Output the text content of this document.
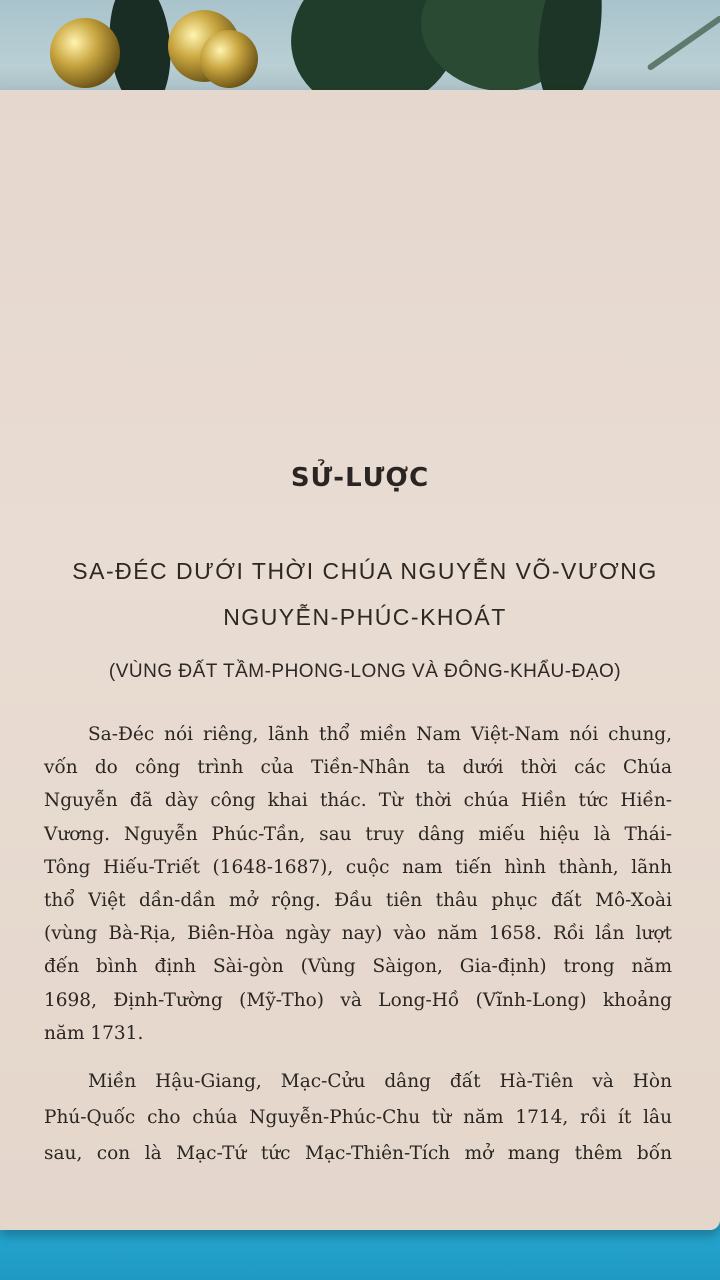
SỬ-LƯỢC
SA-ĐÉC DƯỚI THỜI CHÚA NGUYỄN VÕ-VƯƠNG
NGUYỄN-PHÚC-KHOÁT
(VÙNG ĐẤT TẦM-PHONG-LONG VÀ ĐÔNG-KHẨU-ĐẠO)
Sa-Đéc nói riêng, lãnh thổ miền Nam Việt-Nam nói chung,
vốn do công trình của Tiền-Nhân ta dưới thời các Chúa
Nguyễn đã dày công khai thác. Từ thời chúa Hiền tức Hiền-
Vương. Nguyễn Phúc-Tần, sau truy dâng miếu hiệu là Thái-
Tông Hiếu-Triết (1648-1687), cuộc nam tiến hình thành, lãnh
thổ Việt dần-dần mở rộng. Đầu tiên thâu phục đất Mô-Xoài
(vùng Bà-Rịa, Biên-Hòa ngày nay) vào năm 1658. Rồi lần lượt
đến bình định Sài-gòn (Vùng Sàigon, Gia-định) trong năm
1698, Định-Tường (Mỹ-Tho) và Long-Hồ (Vĩnh-Long) khoảng
năm 1731.
Miền Hậu-Giang, Mạc-Cửu dâng đất Hà-Tiên và Hòn
Phú-Quốc cho chúa Nguyễn-Phúc-Chu từ năm 1714, rồi ít lâu
sau, con là Mạc-Tứ tức Mạc-Thiên-Tích mở mang thêm bốn
